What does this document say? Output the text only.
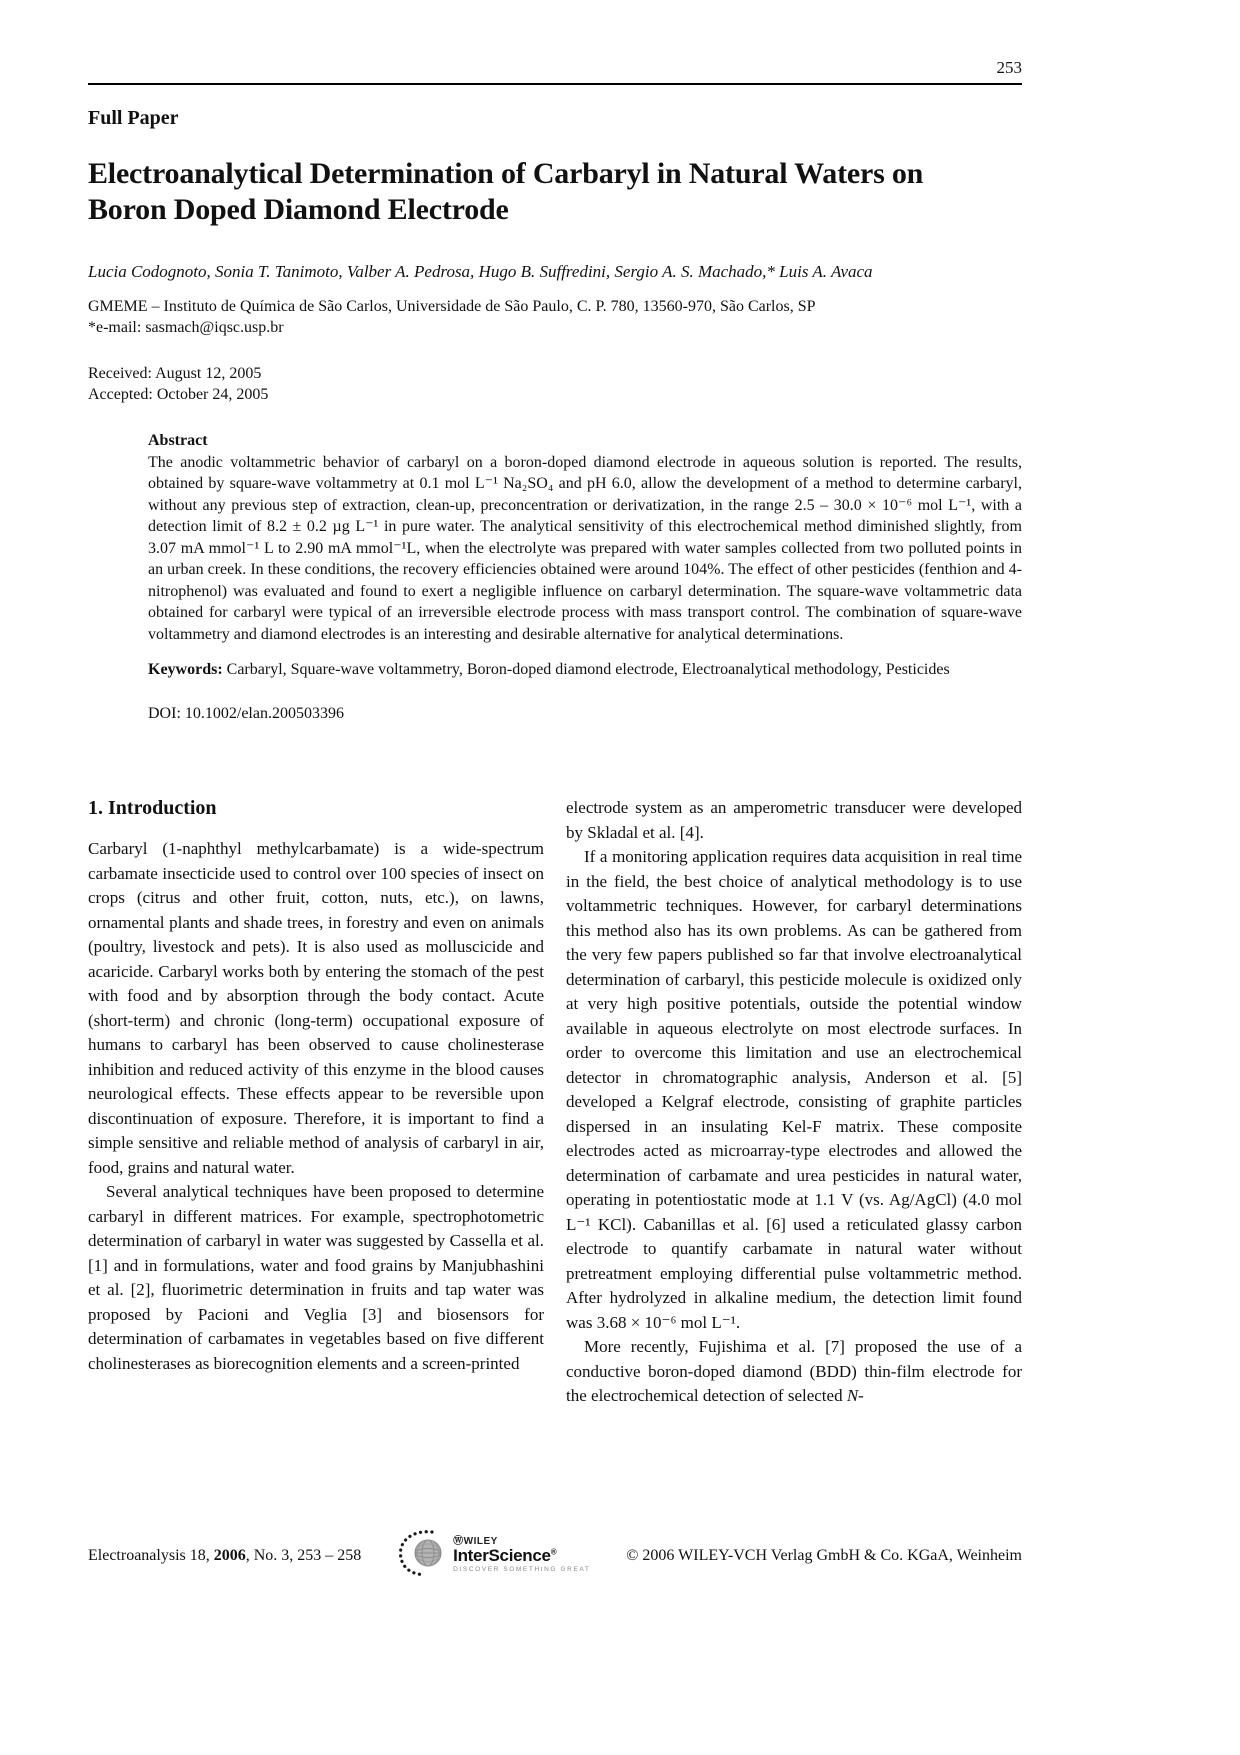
253
Full Paper
Electroanalytical Determination of Carbaryl in Natural Waters on
Boron Doped Diamond Electrode
Lucia Codognoto, Sonia T. Tanimoto, Valber A. Pedrosa, Hugo B. Suffredini, Sergio A. S. Machado,* Luis A. Avaca
GMEME – Instituto de Química de São Carlos, Universidade de São Paulo, C. P. 780, 13560-970, São Carlos, SP
*e-mail: sasmach@iqsc.usp.br
Received: August 12, 2005
Accepted: October 24, 2005
Abstract

The anodic voltammetric behavior of carbaryl on a boron-doped diamond electrode in aqueous solution is reported. The results, obtained by square-wave voltammetry at 0.1 mol L⁻¹ Na₂SO₄ and pH 6.0, allow the development of a method to determine carbaryl, without any previous step of extraction, clean-up, preconcentration or derivatization, in the range 2.5 – 30.0 × 10⁻⁶ mol L⁻¹, with a detection limit of 8.2 ± 0.2 µg L⁻¹ in pure water. The analytical sensitivity of this electrochemical method diminished slightly, from 3.07 mA mmol⁻¹ L to 2.90 mA mmol⁻¹L, when the electrolyte was prepared with water samples collected from two polluted points in an urban creek. In these conditions, the recovery efficiencies obtained were around 104%. The effect of other pesticides (fenthion and 4-nitrophenol) was evaluated and found to exert a negligible influence on carbaryl determination. The square-wave voltammetric data obtained for carbaryl were typical of an irreversible electrode process with mass transport control. The combination of square-wave voltammetry and diamond electrodes is an interesting and desirable alternative for analytical determinations.

Keywords: Carbaryl, Square-wave voltammetry, Boron-doped diamond electrode, Electroanalytical methodology, Pesticides

DOI: 10.1002/elan.200503396

1. Introduction

Carbaryl (1-naphthyl methylcarbamate) is a wide-spectrum carbamate insecticide used to control over 100 species of insect on crops (citrus and other fruit, cotton, nuts, etc.), on lawns, ornamental plants and shade trees, in forestry and even on animals (poultry, livestock and pets). It is also used as molluscicide and acaricide. Carbaryl works both by entering the stomach of the pest with food and by absorption through the body contact. Acute (short-term) and chronic (long-term) occupational exposure of humans to carbaryl has been observed to cause cholinesterase inhibition and reduced activity of this enzyme in the blood causes neurological effects. These effects appear to be reversible upon discontinuation of exposure. Therefore, it is important to find a simple sensitive and reliable method of analysis of carbaryl in air, food, grains and natural water.

Several analytical techniques have been proposed to determine carbaryl in different matrices. For example, spectrophotometric determination of carbaryl in water was suggested by Cassella et al. [1] and in formulations, water and food grains by Manjubhashini et al. [2], fluorimetric determination in fruits and tap water was proposed by Pacioni and Veglia [3] and biosensors for determination of carbamates in vegetables based on five different cholinesterases as biorecognition elements and a screen-printed

electrode system as an amperometric transducer were developed by Skladal et al. [4].

If a monitoring application requires data acquisition in real time in the field, the best choice of analytical methodology is to use voltammetric techniques. However, for carbaryl determinations this method also has its own problems. As can be gathered from the very few papers published so far that involve electroanalytical determination of carbaryl, this pesticide molecule is oxidized only at very high positive potentials, outside the potential window available in aqueous electrolyte on most electrode surfaces. In order to overcome this limitation and use an electrochemical detector in chromatographic analysis, Anderson et al. [5] developed a Kelgraf electrode, consisting of graphite particles dispersed in an insulating Kel-F matrix. These composite electrodes acted as microarray-type electrodes and allowed the determination of carbamate and urea pesticides in natural water, operating in potentiostatic mode at 1.1 V (vs. Ag/AgCl) (4.0 mol L⁻¹ KCl). Cabanillas et al. [6] used a reticulated glassy carbon electrode to quantify carbamate in natural water without pretreatment employing differential pulse voltammetric method. After hydrolyzed in alkaline medium, the detection limit found was 3.68 × 10⁻⁶ mol L⁻¹.

More recently, Fujishima et al. [7] proposed the use of a conductive boron-doped diamond (BDD) thin-film electrode for the electrochemical detection of selected N-

Electroanalysis 18, 2006, No. 3, 253 – 258
ⓌWILEY
InterScience®
DISCOVER SOMETHING GREAT
© 2006 WILEY-VCH Verlag GmbH & Co. KGaA, Weinheim
